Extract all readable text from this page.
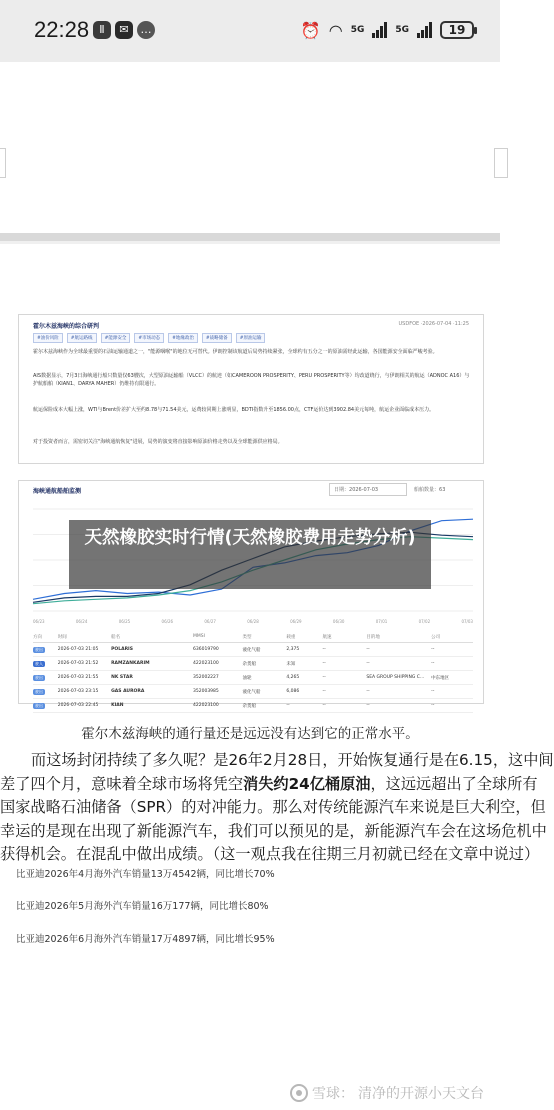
22:28 Ⅱ	✉	…	⏰ ◠ 5G	5G	19
霍尔木兹海峡的综合研判	USDFOE ·2026-07-04 ·11:25
#油价风险	#航运路线	#能源安全	#市场动态	#地缘政治	#战略储备	#原油运输
霍尔木兹海峡作为全球最重要的石油运输通道之一，"能源咽喉"的地位无可替代。伊朗控制该航道后局势持续紧张，全球约有五分之一的原油需经此运输，各国能源安全面临严峻考验。
AIS数据显示，7月3日海峡通行船只数量仅63艘次，大型原油运输船（VLCC）的航迹（如CAMEROON PROSPERITY、PERU PROSPERITY等）均改道绕行，与伊朗相关的航运（ADNOC A16）与护航船舶（KIAN1、DARYA MAHER）仍维持有限通行。
航运保险成本大幅上涨，WTI与Brent价差扩大至约8.78与71.54美元，运费较同期上涨明显，BDTI指数升至1856.00点，CTF运价达到3902.84美元每吨，航运企业面临成本压力。
对于投资者而言，需密切关注"海峡通航恢复"进展，局势的演变将直接影响原油价格走势以及全球能源供应格局。
海峡通航船舶监测	日期：2026-07-03	船舶数量：63
06/23	06/24	06/25	06/26	06/27	06/28	06/29	06/30	07/01	07/02	07/03
方向	时间	船名	MMSI	类型	载重	航速	目的地	公司
驶出	2026-07-03 21:05	POLARIS	636019790	液化气船	2,375	--	--	--
驶入	2026-07-03 21:52	RAMZANKARIM	422023100	杂货船	未知	--	--	--
驶出	2026-07-03 21:55	NK STAR	352002227	油轮	4,265	--	SEA GROUP SHIPPING C...	中东地区
驶出	2026-07-03 23:15	GAS AURORA	352003985	液化气船	6,086	--	--	--
驶出	2026-07-03 22:45	KIAN	422023100	杂货船	--	--	--	--
天然橡胶实时行情(天然橡胶费用走势分析)
霍尔木兹海峡的通行量还是远远没有达到它的正常水平。
而这场封闭持续了多久呢？是26年2月28日，开始恢复通行是在6.15，这中间
差了四个月，意味着全球市场将凭空消失约24亿桶原油，这远远超出了全球所有
国家战略石油储备（SPR）的对冲能力。那么对传统能源汽车来说是巨大利空，但
幸运的是现在出现了新能源汽车，我们可以预见的是，新能源汽车会在这场危机中
获得机会。在混乱中做出成绩。（这一观点我在往期三月初就已经在文章中说过）
比亚迪2026年4月海外汽车销量13万4542辆，同比增长70%
比亚迪2026年5月海外汽车销量16万177辆，同比增长80%
比亚迪2026年6月海外汽车销量17万4897辆，同比增长95%
雪球： 清净的开源小天文台
